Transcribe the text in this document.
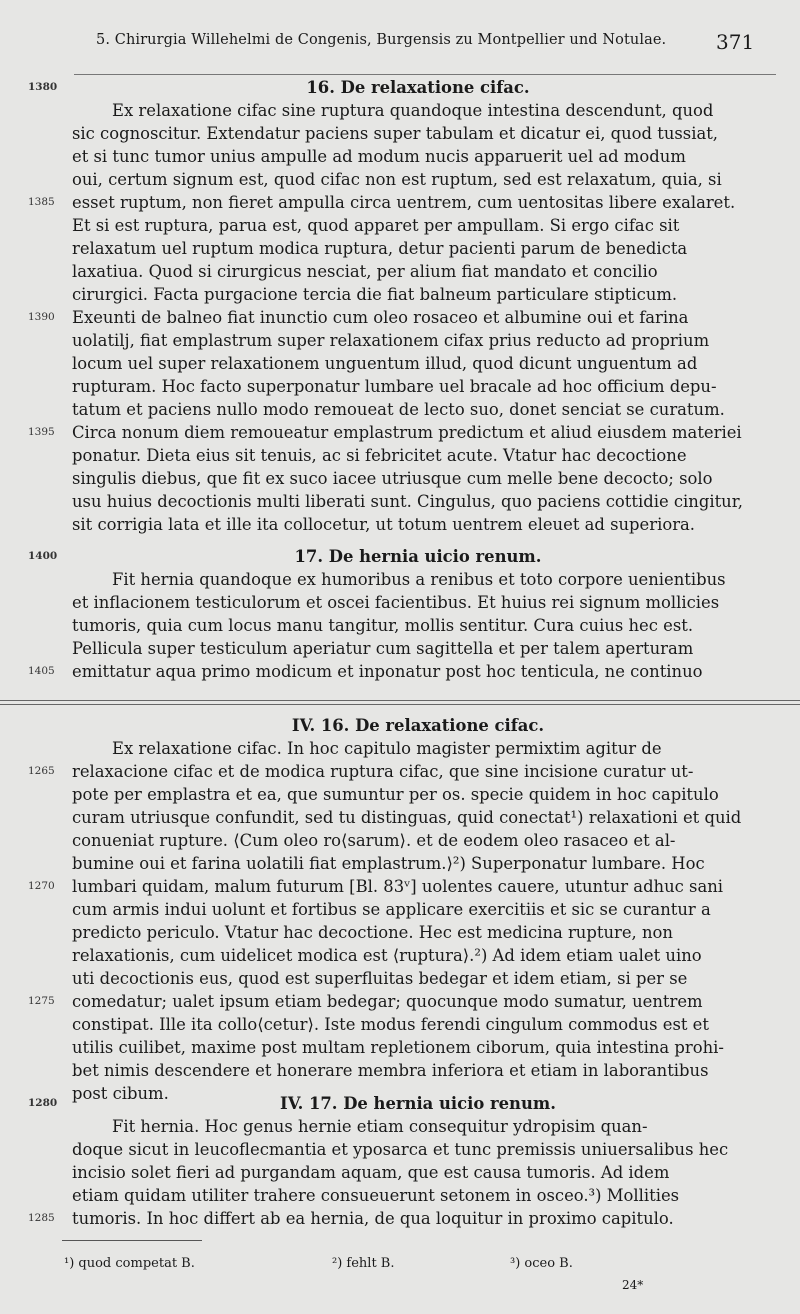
5. Chirurgia Willehelmi de Congenis, Burgensis zu Montpellier und Notulae. 371
16. De relaxatione cifac.
1380
Ex relaxatione cifac sine ruptura quandoque intestina descendunt, quod
sic cognoscitur. Extendatur paciens super tabulam et dicatur ei, quod tussiat,
et si tunc tumor unius ampulle ad modum nucis apparuerit uel ad modum
oui, certum signum est, quod cifac non est ruptum, sed est relaxatum, quia, si
1385 esset ruptum, non fieret ampulla circa uentrem, cum uentositas libere exalaret.
Et si est ruptura, parua est, quod apparet per ampullam. Si ergo cifac sit
relaxatum uel ruptum modica ruptura, detur pacienti parum de benedicta
laxatiua. Quod si cirurgicus nesciat, per alium fiat mandato et concilio
cirurgici. Facta purgacione tercia die fiat balneum particulare stipticum.
1390 Exeunti de balneo fiat inunctio cum oleo rosaceo et albumine oui et farina
uolatilj, fiat emplastrum super relaxationem cifax prius reducto ad proprium
locum uel super relaxationem unguentum illud, quod dicunt unguentum ad
rupturam. Hoc facto superponatur lumbare uel bracale ad hoc officium depu-
tatum et paciens nullo modo remoueat de lecto suo, donet senciat se curatum.
1395 Circa nonum diem remoueatur emplastrum predictum et aliud eiusdem materiei
ponatur. Dieta eius sit tenuis, ac si febricitet acute. Vtatur hac decoctione
singulis diebus, que fit ex suco iacee utriusque cum melle bene decocto; solo
usu huius decoctionis multi liberati sunt. Cingulus, quo paciens cottidie cingitur,
sit corrigia lata et ille ita collocetur, ut totum uentrem eleuet ad superiora.
17. De hernia uicio renum.
1400
Fit hernia quandoque ex humoribus a renibus et toto corpore uenientibus
et inflacionem testiculorum et oscei facientibus. Et huius rei signum mollicies
tumoris, quia cum locus manu tangitur, mollis sentitur. Cura cuius hec est.
Pellicula super testiculum aperiatur cum sagittella et per talem aperturam
1405 emittatur aqua primo modicum et inponatur post hoc tenticula, ne continuo
IV. 16. De relaxatione cifac.
Ex relaxatione cifac. In hoc capitulo magister permixtim agitur de
1265 relaxacione cifac et de modica ruptura cifac, que sine incisione curatur ut-
pote per emplastra et ea, que sumuntur per os. specie quidem in hoc capitulo
curam utriusque confundit, sed tu distinguas, quid conectat¹) relaxationi et quid
conueniat rupture. ⟨Cum oleo ro⟨sarum⟩. et de eodem oleo rasaceo et al-
bumine oui et farina uolatili fiat emplastrum.⟩²) Superponatur lumbare. Hoc
1270 lumbari quidam, malum futurum [Bl. 83ᵛ] uolentes cauere, utuntur adhuc sani
cum armis indui uolunt et fortibus se applicare exercitiis et sic se curantur a
predicto periculo. Vtatur hac decoctione. Hec est medicina rupture, non
relaxationis, cum uidelicet modica est ⟨ruptura⟩.²) Ad idem etiam ualet uino
uti decoctionis eus, quod est superfluitas bedegar et idem etiam, si per se
1275 comedatur; ualet ipsum etiam bedegar; quocunque modo sumatur, uentrem
constipat. Ille ita collo⟨cetur⟩. Iste modus ferendi cingulum commodus est et
utilis cuilibet, maxime post multam repletionem ciborum, quia intestina prohi-
bet nimis descendere et honerare membra inferiora et etiam in laborantibus
post cibum.
IV. 17. De hernia uicio renum.
1280
Fit hernia. Hoc genus hernie etiam consequitur ydropisim quan-
doque sicut in leucoflecmantia et yposarca et tunc premissis uniuersalibus hec
incisio solet fieri ad purgandam aquam, que est causa tumoris. Ad idem
etiam quidam utiliter trahere consueuerunt setonem in osceo.³) Mollities
1285 tumoris. In hoc differt ab ea hernia, de qua loquitur in proximo capitulo.
¹) quod competat B.	²) fehlt B.	³) oceo B.
24*
